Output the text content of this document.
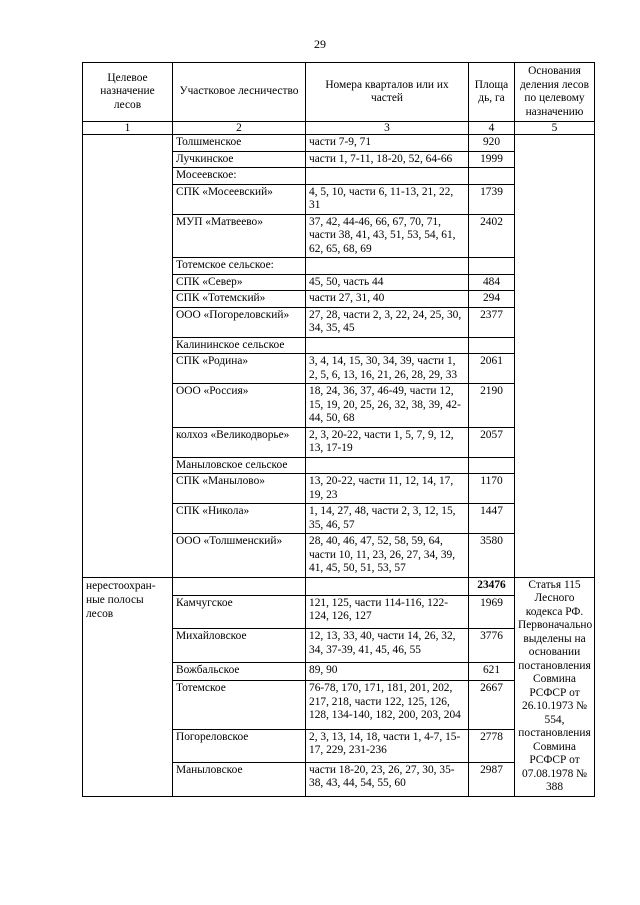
29
Целевое назначение лесов	Участковое лесничество	Номера кварталов или их частей	Площа дь, га	Основания деления лесов по целевому назначению
1	2	3	4	5
	Толшменское	части 7-9, 71	920	
	Лучкинское	части 1, 7-11, 18-20, 52, 64-66	1999	
	Мосеевское:			
	СПК «Мосеевский»	4, 5, 10, части 6, 11-13, 21, 22, 31	1739	
	МУП «Матвеево»	37, 42, 44-46, 66, 67, 70, 71, части 38, 41, 43, 51, 53, 54, 61, 62, 65, 68, 69	2402	
	Тотемское сельское:			
	СПК «Север»	45, 50, часть 44	484	
	СПК «Тотемский»	части 27, 31, 40	294	
	ООО «Погореловский»	27, 28, части 2, 3, 22, 24, 25, 30, 34, 35, 45	2377	
	Калининское сельское			
	СПК «Родина»	3, 4, 14, 15, 30, 34, 39, части 1, 2, 5, 6, 13, 16, 21, 26, 28, 29, 33	2061	
	ООО «Россия»	18, 24, 36, 37, 46-49, части 12, 15, 19, 20, 25, 26, 32, 38, 39, 42-44, 50, 68	2190	
	колхоз «Великодворье»	2, 3, 20-22, части 1, 5, 7, 9, 12, 13, 17-19	2057	
	Маныловское сельское			
	СПК «Манылово»	13, 20-22, части 11, 12, 14, 17, 19, 23	1170	
	СПК «Никола»	1, 14, 27, 48, части 2, 3, 12, 15, 35, 46, 57	1447	
	ООО «Толшменский»	28, 40, 46, 47, 52, 58, 59, 64, части 10, 11, 23, 26, 27, 34, 39, 41, 45, 50, 51, 53, 57	3580	
нерестоохран-ные полосы лесов			23476	Статья 115 Лесного кодекса РФ. Первоначально выделены на основании постановления Совмина РСФСР от 26.10.1973 № 554, постановления Совмина РСФСР от 07.08.1978 № 388
	Камчугское	121, 125, части 114-116, 122-124, 126, 127	1969	
	Михайловское	12, 13, 33, 40, части 14, 26, 32, 34, 37-39, 41, 45, 46, 55	3776	
	Вожбальское	89, 90	621	
	Тотемское	76-78, 170, 171, 181, 201, 202, 217, 218, части 122, 125, 126, 128, 134-140, 182, 200, 203, 204	2667	
	Погореловское	2, 3, 13, 14, 18, части 1, 4-7, 15-17, 229, 231-236	2778	
	Маныловское	части 18-20, 23, 26, 27, 30, 35-38, 43, 44, 54, 55, 60	2987	
